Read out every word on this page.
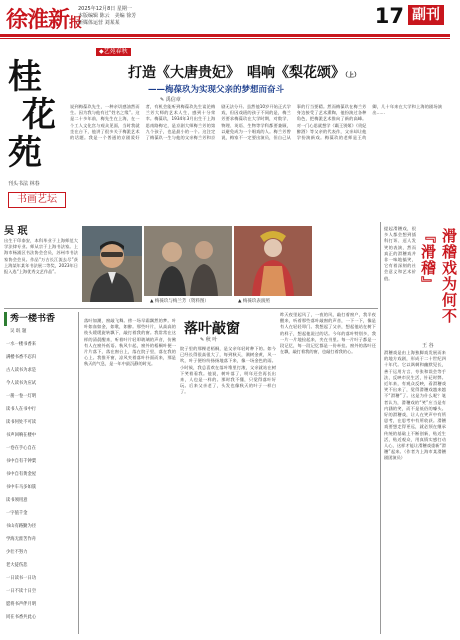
徐淮新报
2025年12月8日 星期一
本版编辑 陈云　 美编 徐芳
新媒体运营 刘某某	17 副刊
桂
花
苑
刊头书法 林春
书画艺坛
◆艺苑春秋
打造《大唐贵妃》　唱响《梨花颂》（上）
——梅葆玖为实现父亲的梦想而奋斗
✎ 禹信章
说到梅葆玖先生，一种亲切感油然而生。因为我与他有过“姓名之缘”。这是二十多年前，梅先生在上海，在一个工人文化宫与观众见面，当时我就坐在台下，他讲了很多关于梅派艺术的话题。我是一个普通的京剧爱好者，有机会能听到梅葆玖先生谈论梅兰芳大师的艺术人生，感到十分荣幸。梅葆玖，1934年3月出生于上海思南路梅宅，是京剧大师梅兰芳的第九个孩子，也是最小的一个。这注定了梅葆玖一生与他的父亲梅兰芳和京剧无法分开。虽然他10岁开始正式学戏，但因戏班的孩子不同的是，梅兰芳要求梅葆玖在大学时期，对数学、物理、英语、生物等学科都要兼顾，以避免成为一个唱戏的人。梅兰芳曾说，梅家不一定要出演员，但自己从事的行当要精。然而梅葆玖在梅兰芳身边接受了艺术熏陶，他扮演过各种角色，把梅派艺术推向了新的高峰。对一门心思就想学《霸王别姬》《贵妃醉酒》等父亲的代表作，父亲却让他学扮演新戏。梅葆玖的老师是王幼卿，几十年来在大学和上海的剧场演出……
吴 珉
出生于印泰安，本科毕业于上海师范大学法律专业。师从宗于上海书法家。上海市杨浦区书法协会会员，苏州市书法家协会会员。作品“万古长江流去尽”获上海某年某年书法展二等奖，2023年日报入选“上海优秀文艺作品”。
▲ 梅葆玖与梅兰芳（资料图）	▲ 梅葆玖表演照
秀一楼书香
吴 珉 题
一水一楼书香来
满楼书香不忍归
古人读书为求是
今人读书为应试
一册一卷一灯明
读书人在书中行
读书何处不可读
书声回响在楼中
一卷在手心自在
书中自有千钟粟
书中自有黄金屋
书中车马多如簇
读书须用意
一字值千金
书山有路勤为径
学海无涯苦作舟
少壮不努力
老大徒伤悲
一日读书一日功
一日不读十日空
愿将书声伴月明
同在书香共此心
落叶敲窗
✎ 秋 叶
落叶如潮，窗敲飞舞。傍一场早霜飘然的梦。叶叶如血如金，如歌，如醉。那些叶片，从高高的枝头缓缓旋转飘下，敲打着我的窗。我常常在这样的清晨醒来，听着叶片轻叩玻璃的声音，仿佛有人在窗外低语。秋风乍起，窗外的梧桐叶便一片片落下，落在窗台上，落在院子里，落在我的心上。我推开窗，凉风夹着落叶扑面而来，那是秋天的气息，是一年中最沉静的时光。
院子里的那棵老梧桐，是父亲年轻时种下的。如今已经长得很高很大了，每到秋天，满树金黄，风一吹，叶子便纷纷扬扬地落下来，像一场金色的雨。小时候，我总喜欢在落叶堆里打滚，父亲就站在树下笑着看我。他说，树叶落了，明年还会再长出来，人也是一样的。那时我不懂，只觉得落叶好玩。后来父亲老了，头发也像秋天的叶子一样白了。
昨天夜里起风了，一夜的风，敲打着窗户，我半夜醒来，听着那些落叶敲窗的声音，一下一下，像是有人在轻轻叩门。我想起了父亲，想起他站在树下的样子，想起他说过的话。今年的落叶特别多，我一片一片地捡起来，夹在书里。每一片叶子都是一段记忆，每一段记忆都是一份牵挂。窗外的落叶还在飘，敲打着我的窗，也敲打着我的心。
滑稽戏为何不『滑稽』
王 谷
提起滑稽戏，很多人都会想到插科打诨、逗人发笑的表演，然而真正的滑稽戏并非一味地搞笑，它有着深刻的社会意义和艺术价值。
滑稽戏是由上海独脚戏发展而来的地方戏剧，形成于二十世纪四十年代。它以讽刺和幽默见长，善于运用方言、夸张和误会等手法，反映市民生活，针砭时弊。近年来，有观众反映，看滑稽戏笑不出来了，觉得滑稽戏越来越不“滑稽”了。这是为什么呢？笔者认为，滑稽戏的“笑”应当是有内涵的笑，而不是低俗的噱头。好的滑稽戏，让人在笑声中有所思考，在思考中有所收获。滑稽戏要想走得更远，就必须在继承传统的基础上不断创新，贴近生活，贴近观众，用真情实感打动人心，这样才能让滑稽戏重新“滑稽”起来。（作者为上海市某滑稽剧团演员）
